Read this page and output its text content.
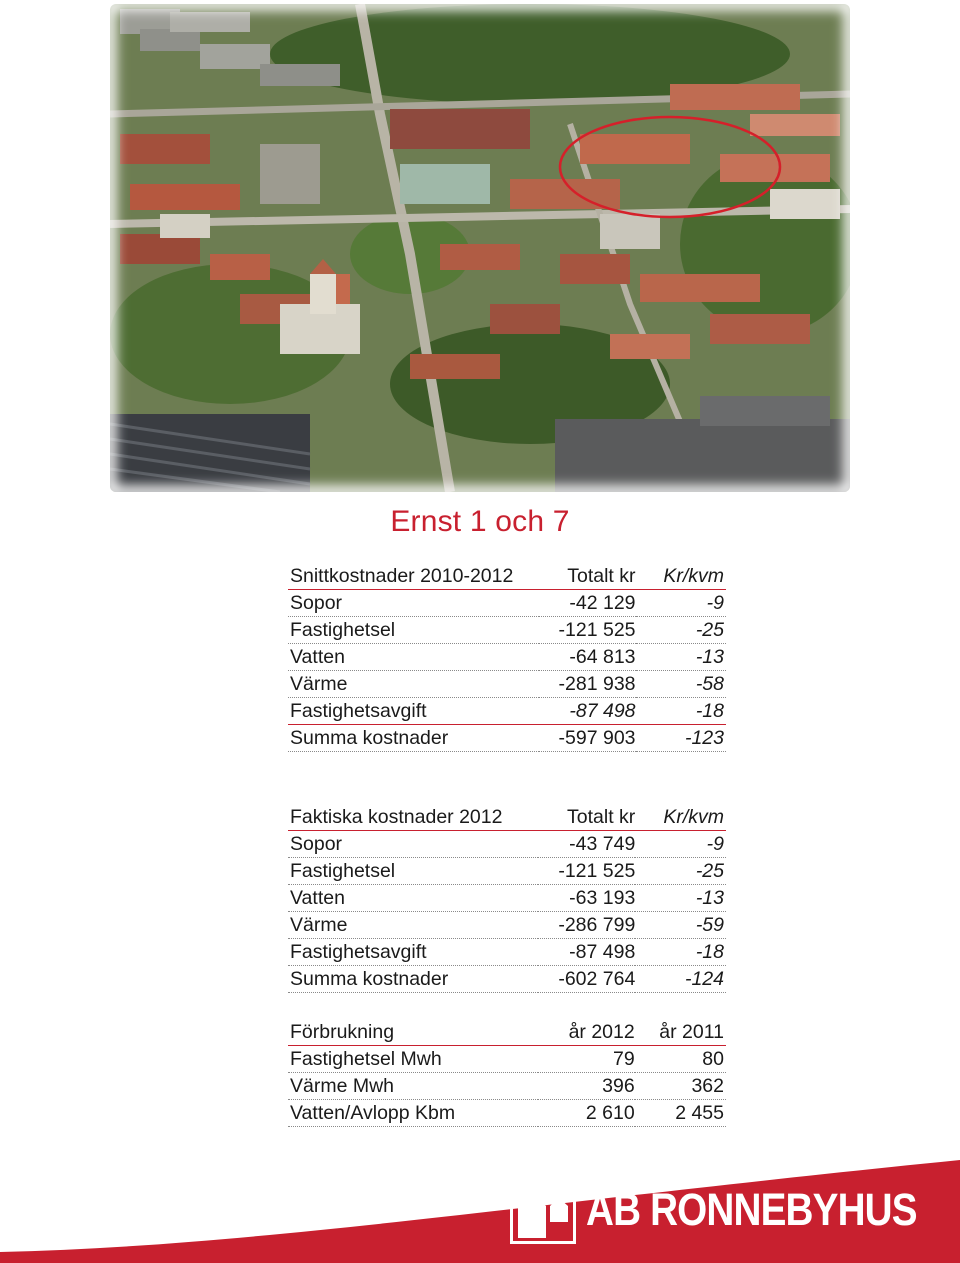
Ernst 1 och 7
Snittkostnader 2010-2012	Totalt kr	Kr/kvm
Sopor	-42 129	-9
Fastighetsel	-121 525	-25
Vatten	-64 813	-13
Värme	-281 938	-58
Fastighetsavgift	-87 498	-18
Summa kostnader	-597 903	-123
Faktiska kostnader 2012	Totalt kr	Kr/kvm
Sopor	-43 749	-9
Fastighetsel	-121 525	-25
Vatten	-63 193	-13
Värme	-286 799	-59
Fastighetsavgift	-87 498	-18
Summa kostnader	-602 764	-124
Förbrukning	år 2012	år 2011
Fastighetsel Mwh	79	80
Värme Mwh	396	362
Vatten/Avlopp Kbm	2 610	2 455
AB RONNEBYHUS
